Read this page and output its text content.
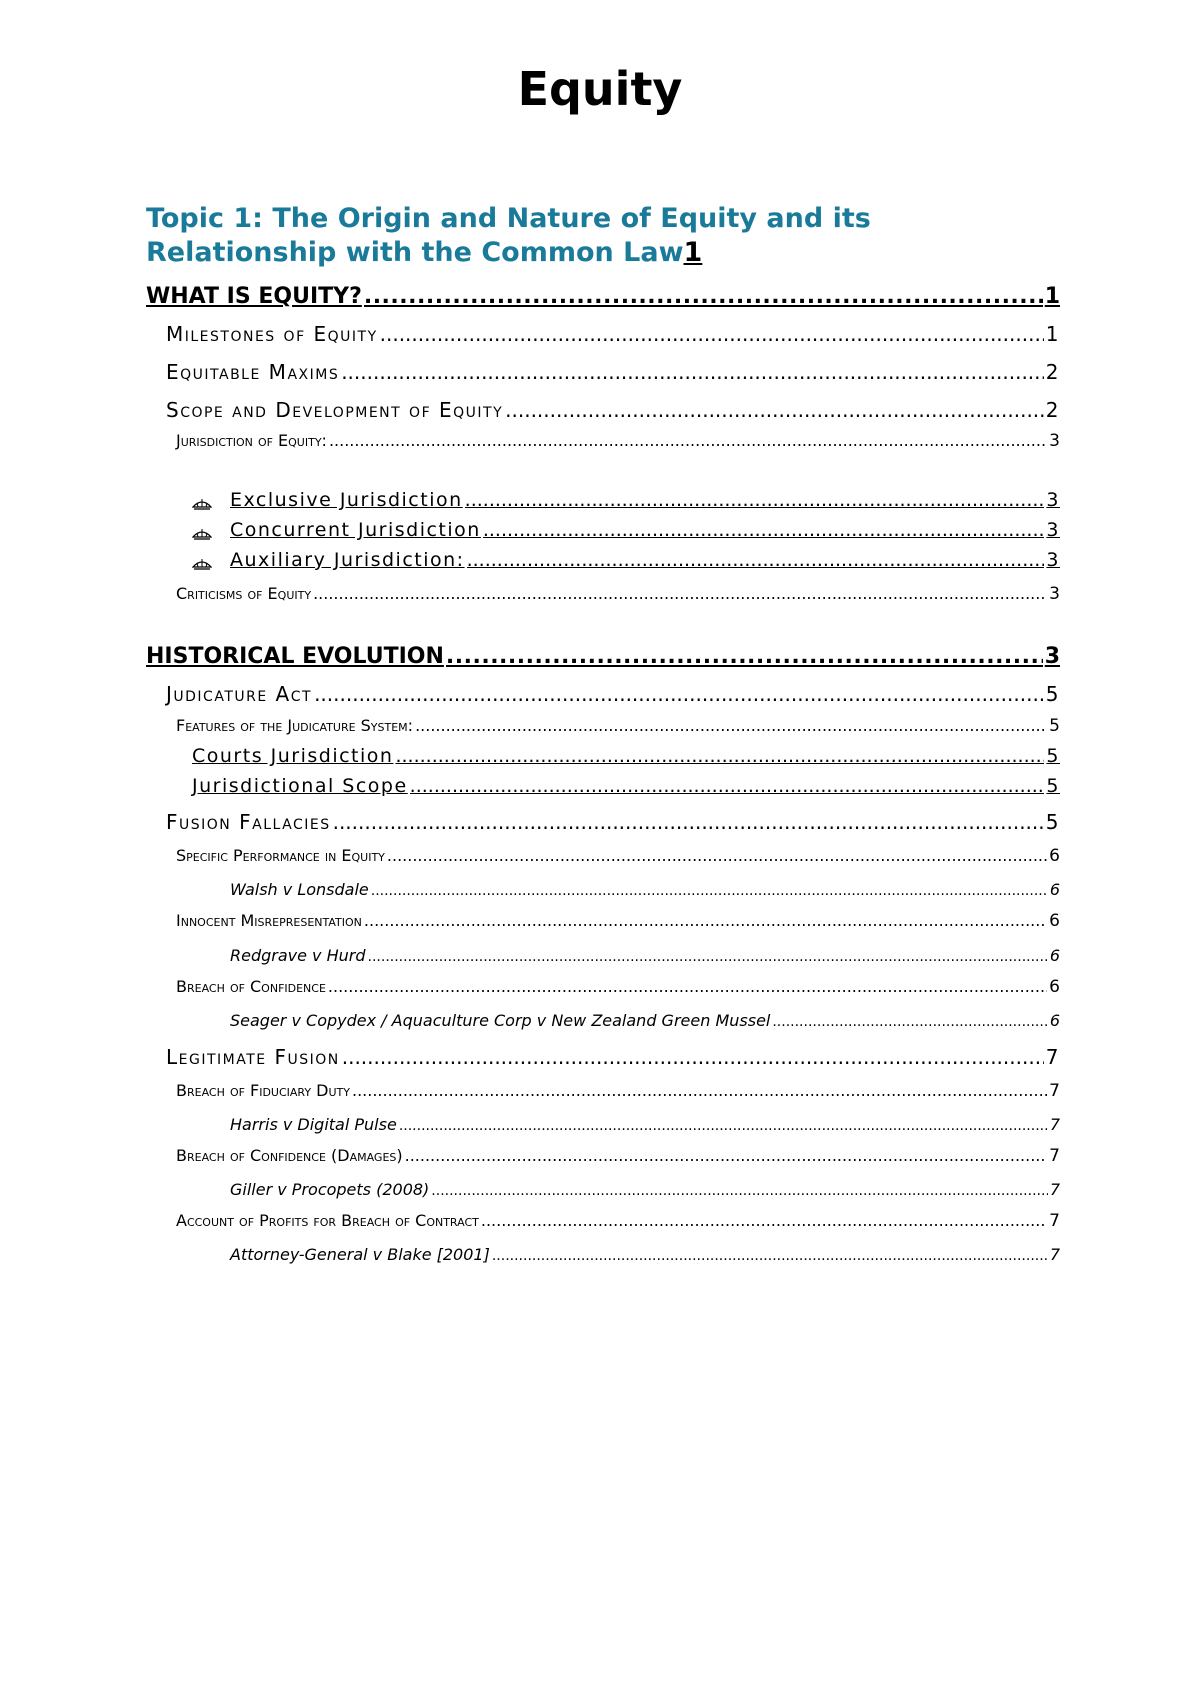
Equity
Topic 1: The Origin and Nature of Equity and its
Relationship with the Common Law 1
WHAT IS EQUITY? .....	1
Milestones of Equity .....	1
Equitable Maxims .....	2
Scope and Development of Equity .....	2
Jurisdiction of Equity: .....	3
Exclusive Jurisdiction .....	3
Concurrent Jurisdiction .....	3
Auxiliary Jurisdiction: .....	3
Criticisms of Equity .....	3
HISTORICAL EVOLUTION .....	3
Judicature Act .....	5
Features of the Judicature System: .....	5
Courts Jurisdiction .....	5
Jurisdictional Scope .....	5
Fusion Fallacies .....	5
Specific Performance in Equity .....	6
Walsh v Lonsdale .....	6
Innocent Misrepresentation .....	6
Redgrave v Hurd .....	6
Breach of Confidence .....	6
Seager v Copydex / Aquaculture Corp v New Zealand Green Mussel .....	6
Legitimate Fusion .....	7
Breach of Fiduciary Duty .....	7
Harris v Digital Pulse .....	7
Breach of Confidence (Damages) .....	7
Giller v Procopets (2008) .....	7
Account of Profits for Breach of Contract .....	7
Attorney-General v Blake [2001] .....	7
